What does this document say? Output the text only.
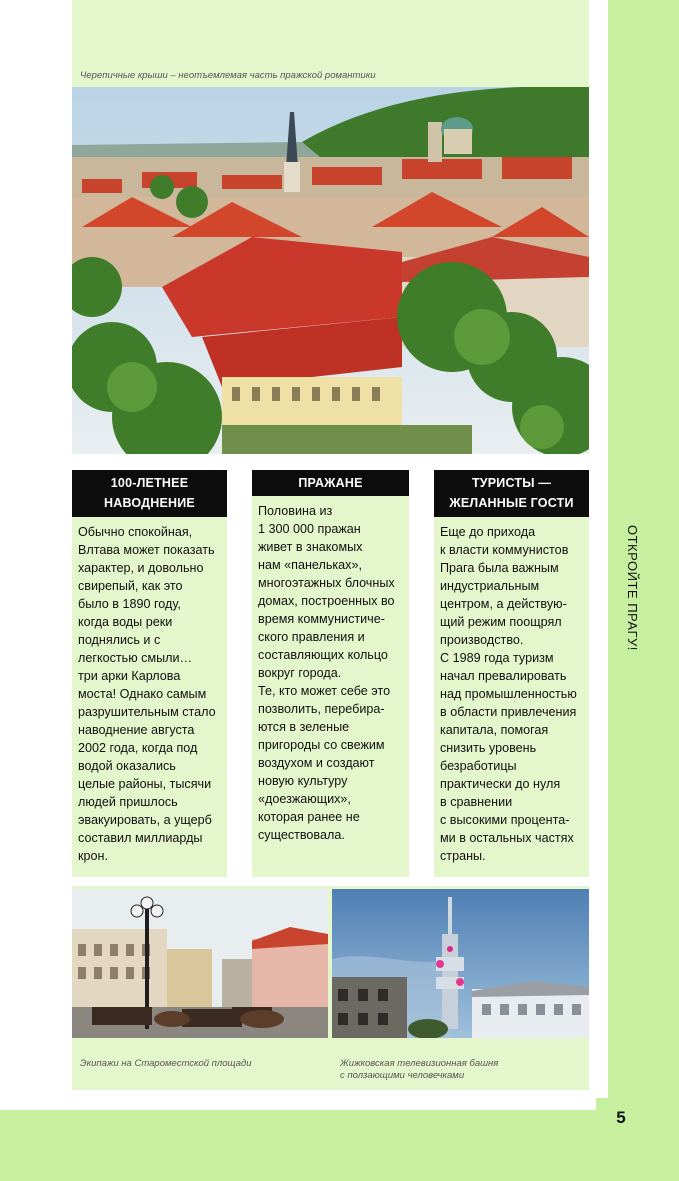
ОТКРОЙТЕ ПРАГУ!
5
Черепичные крыши – неотъемлемая часть пражской романтики
100-ЛЕТНЕЕ
НАВОДНЕНИЕ
Обычно спокойная,
Влтава может показать
характер, и довольно
свирепый, как это
было в 1890 году,
когда воды реки
поднялись и с
легкостью смыли…
три арки Карлова
моста! Однако самым
разрушительным стало
наводнение августа
2002 года, когда под
водой оказались
целые районы, тысячи
людей пришлось
эвакуировать, а ущерб
составил миллиарды
крон.
ПРАЖАНЕ
Половина из
1 300 000 пражан
живет в знакомых
нам «панельках»,
многоэтажных блочных
домах, построенных во
время коммунистиче-
ского правления и
составляющих кольцо
вокруг города.
Те, кто может себе это
позволить, перебира-
ются в зеленые
пригороды со свежим
воздухом и создают
новую культуру
«доезжающих»,
которая ранее не
существовала.
ТУРИСТЫ —
ЖЕЛАННЫЕ ГОСТИ
Еще до прихода
к власти коммунистов
Прага была важным
индустриальным
центром, а действую-
щий режим поощрял
производство.
С 1989 года туризм
начал превалировать
над промышленностью
в области привлечения
капитала, помогая
снизить уровень
безработицы
практически до нуля
в сравнении
с высокими процента-
ми в остальных частях
страны.
Экипажи на Староместской площади	Жижковская телевизионная башня
с ползающими человечками
